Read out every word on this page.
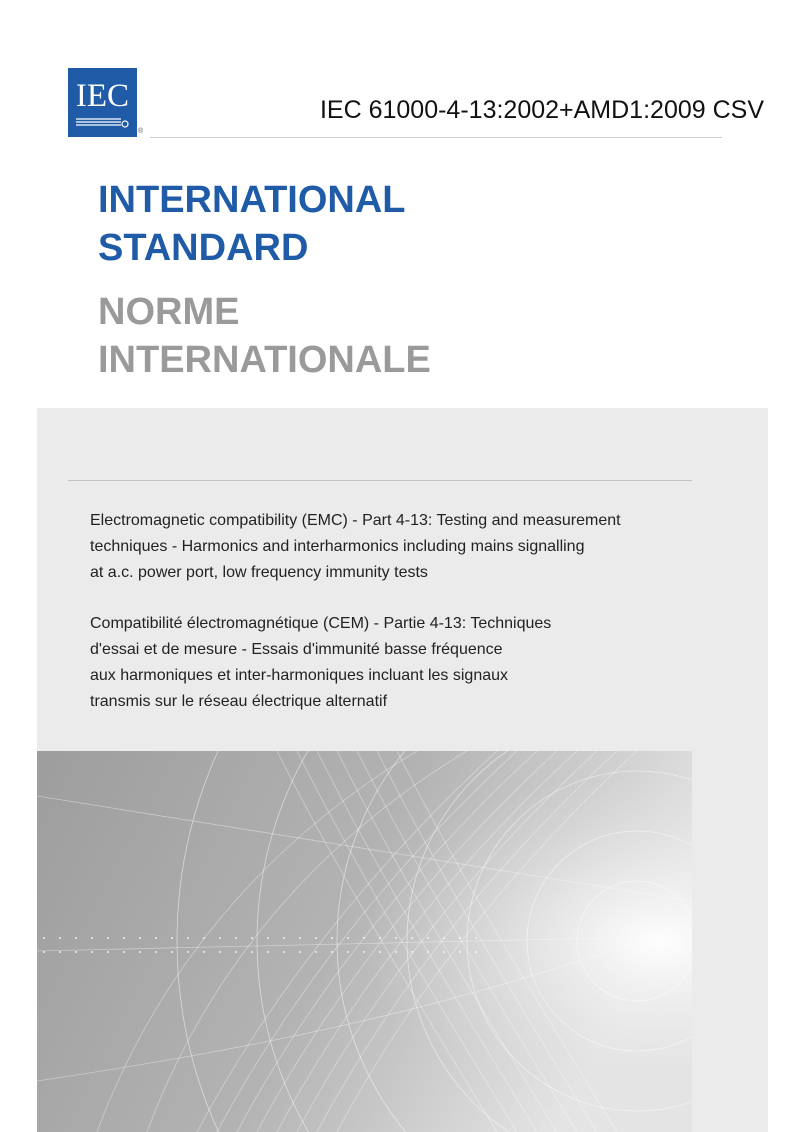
IEC
®
IEC 61000-4-13:2002+AMD1:2009 CSV
INTERNATIONAL
STANDARD
NORME
INTERNATIONALE
Electromagnetic compatibility (EMC) - Part 4-13: Testing and measurement
techniques - Harmonics and interharmonics including mains signalling
at a.c. power port, low frequency immunity tests
Compatibilité électromagnétique (CEM) - Partie 4-13: Techniques
d'essai et de mesure - Essais d'immunité basse fréquence
aux harmoniques et inter-harmoniques incluant les signaux
transmis sur le réseau électrique alternatif
